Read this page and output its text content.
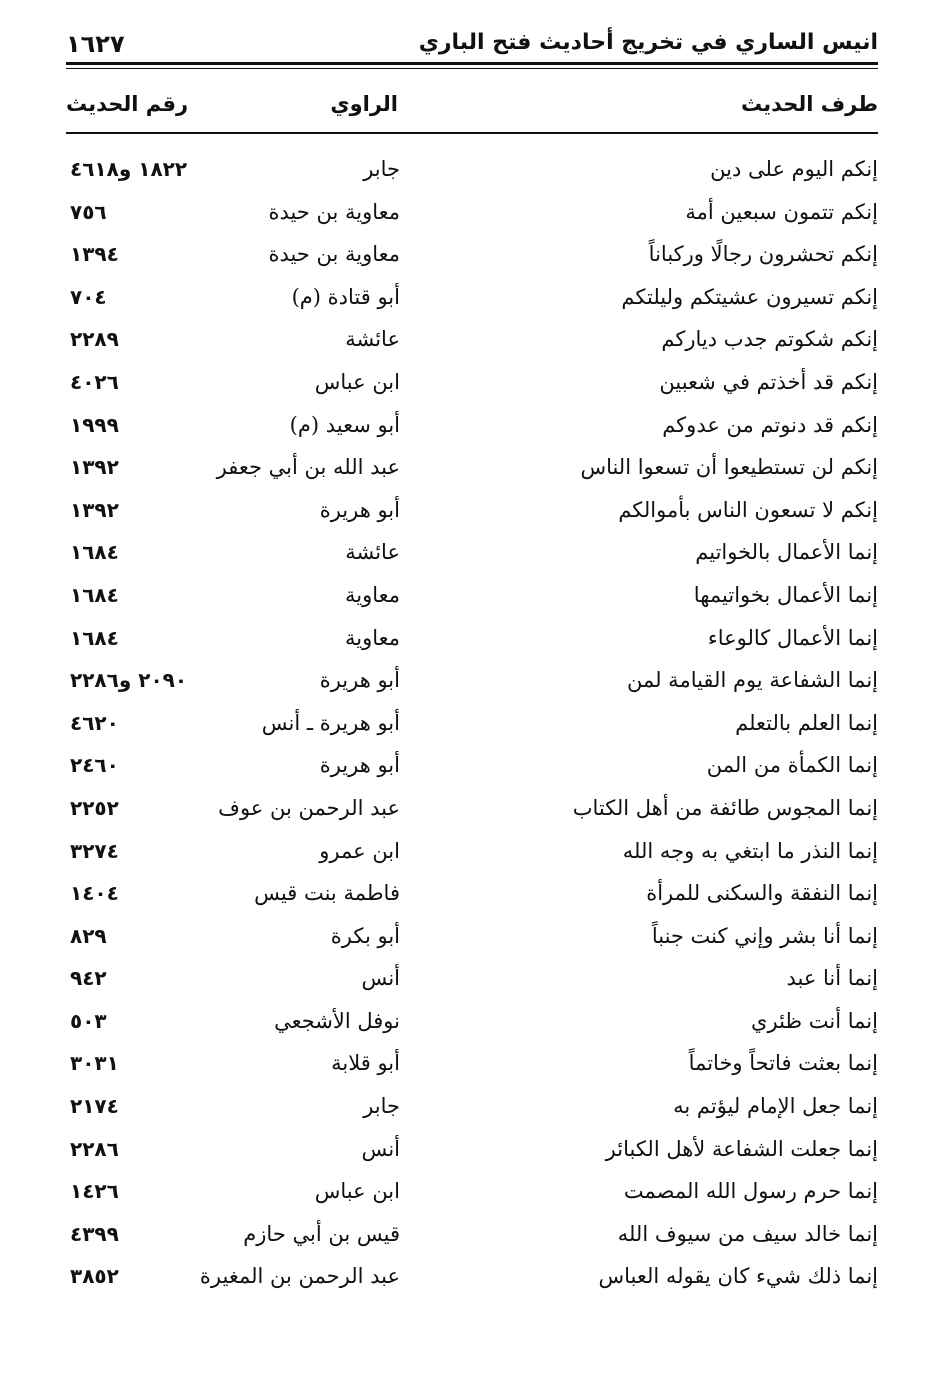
انيس الساري في تخريج أحاديث فتح الباري
١٦٢٧
طرف الحديث
الراوي
رقم الحديث
إنكم اليوم على دين
جابر
١٨٢٢ و٤٦١٨
إنكم تتمون سبعين أمة
معاوية بن حيدة
٧٥٦
إنكم تحشرون رجالًا وركباناً
معاوية بن حيدة
١٣٩٤
إنكم تسيرون عشيتكم وليلتكم
أبو قتادة (م)
٧٠٤
إنكم شكوتم جدب دياركم
عائشة
٢٢٨٩
إنكم قد أخذتم في شعبين
ابن عباس
٤٠٢٦
إنكم قد دنوتم من عدوكم
أبو سعيد (م)
١٩٩٩
إنكم لن تستطيعوا أن تسعوا الناس
عبد الله بن أبي جعفر
١٣٩٢
إنكم لا تسعون الناس بأموالكم
أبو هريرة
١٣٩٢
إنما الأعمال بالخواتيم
عائشة
١٦٨٤
إنما الأعمال بخواتيمها
معاوية
١٦٨٤
إنما الأعمال كالوعاء
معاوية
١٦٨٤
إنما الشفاعة يوم القيامة لمن
أبو هريرة
٢٠٩٠ و٢٢٨٦
إنما العلم بالتعلم
أبو هريرة ـ أنس
٤٦٢٠
إنما الكمأة من المن
أبو هريرة
٢٤٦٠
إنما المجوس طائفة من أهل الكتاب
عبد الرحمن بن عوف
٢٢٥٢
إنما النذر ما ابتغي به وجه الله
ابن عمرو
٣٢٧٤
إنما النفقة والسكنى للمرأة
فاطمة بنت قيس
١٤٠٤
إنما أنا بشر وإني كنت جنباً
أبو بكرة
٨٢٩
إنما أنا عبد
أنس
٩٤٢
إنما أنت ظئري
نوفل الأشجعي
٥٠٣
إنما بعثت فاتحاً وخاتماً
أبو قلابة
٣٠٣١
إنما جعل الإمام ليؤتم به
جابر
٢١٧٤
إنما جعلت الشفاعة لأهل الكبائر
أنس
٢٢٨٦
إنما حرم رسول الله المصمت
ابن عباس
١٤٢٦
إنما خالد سيف من سيوف الله
قيس بن أبي حازم
٤٣٩٩
إنما ذلك شيء كان يقوله العباس
عبد الرحمن بن المغيرة
٣٨٥٢
